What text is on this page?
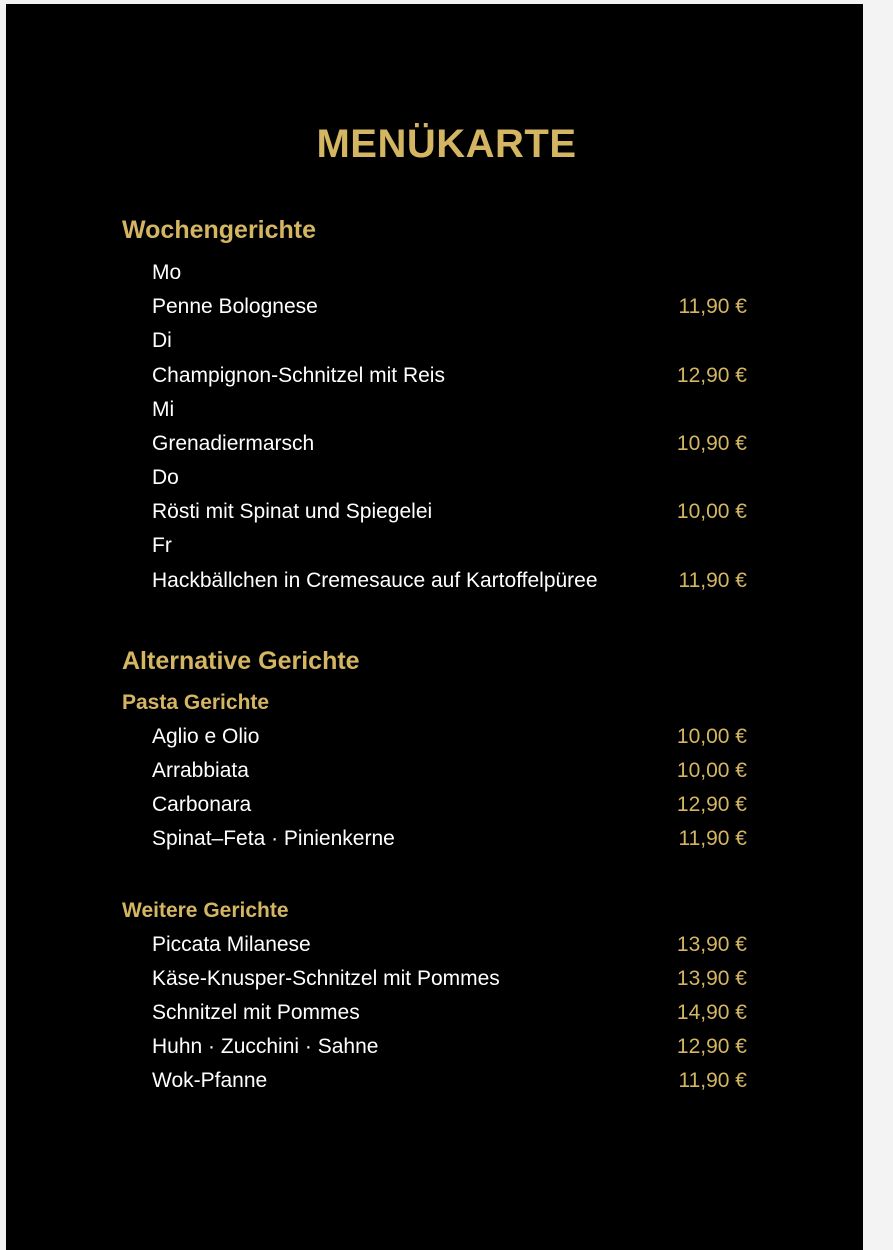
MENÜKARTE
Wochengerichte
Mo
Penne Bolognese	11,90 €
Di
Champignon-Schnitzel mit Reis	12,90 €
Mi
Grenadiermarsch	10,90 €
Do
Rösti mit Spinat und Spiegelei	10,00 €
Fr
Hackbällchen in Cremesauce auf Kartoffelpüree	11,90 €
Alternative Gerichte
Pasta Gerichte
Aglio e Olio	10,00 €
Arrabbiata	10,00 €
Carbonara	12,90 €
Spinat–Feta · Pinienkerne	11,90 €
Weitere Gerichte
Piccata Milanese	13,90 €
Käse-Knusper-Schnitzel mit Pommes	13,90 €
Schnitzel mit Pommes	14,90 €
Huhn · Zucchini · Sahne	12,90 €
Wok-Pfanne	11,90 €
